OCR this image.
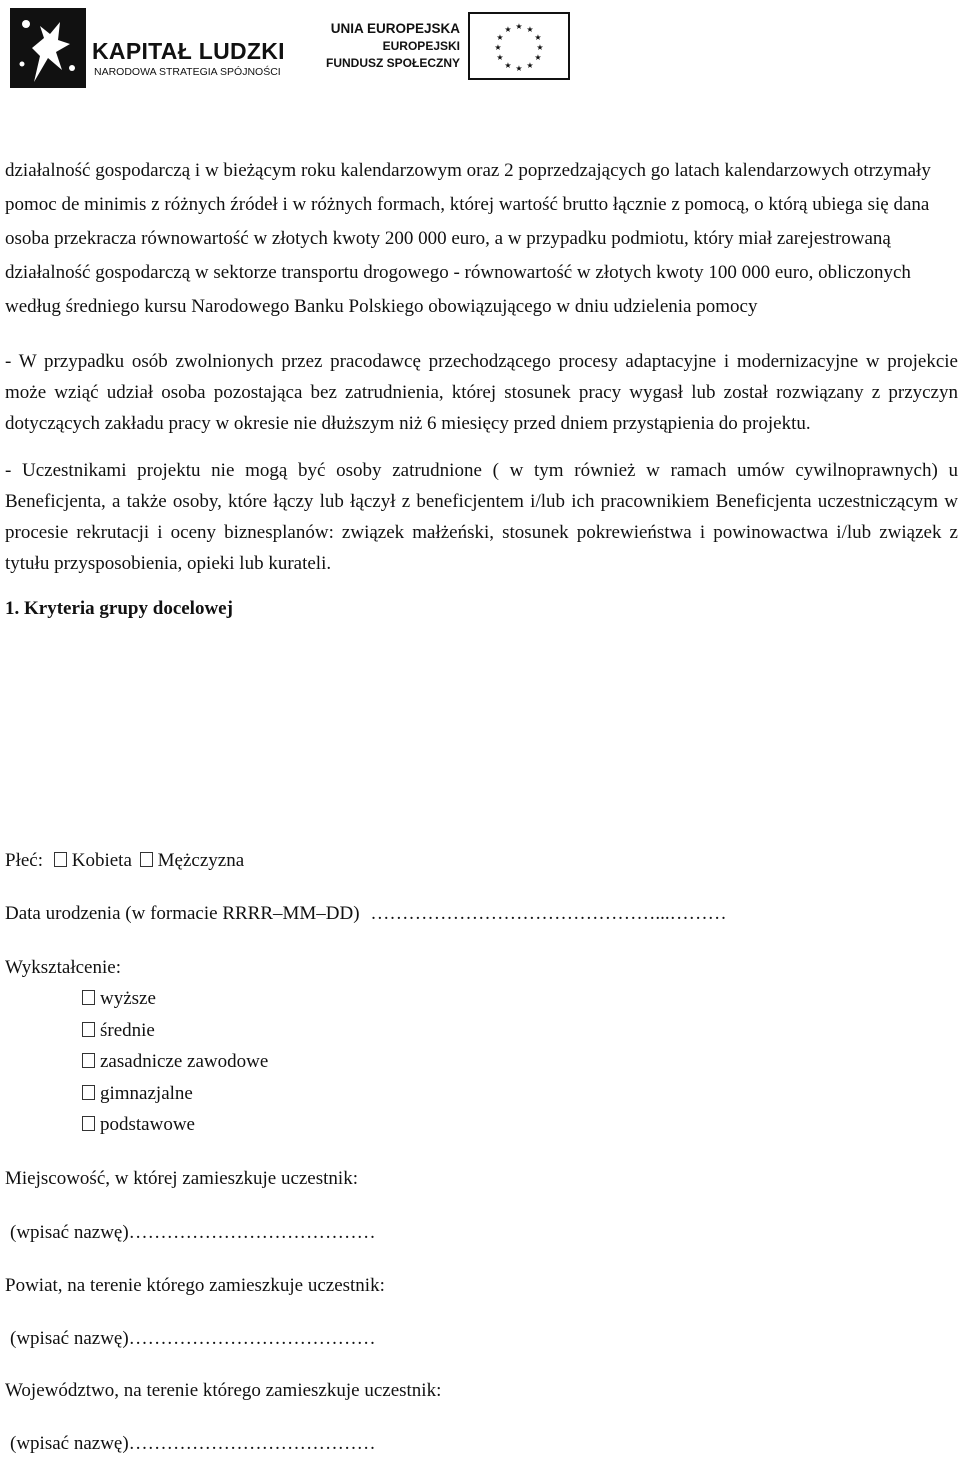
KAPITAŁ LUDZKI
NARODOWA STRATEGIA SPÓJNOŚCI
UNIA EUROPEJSKA
EUROPEJSKI
FUNDUSZ SPOŁECZNY
★ ★
★
★
★
★
★
★
★
★
★
★

działalność gospodarczą i w bieżącym roku kalendarzowym oraz 2 poprzedzających go latach kalendarzowych otrzymały pomoc de minimis z różnych źródeł i w różnych formach, której wartość brutto łącznie z pomocą, o którą ubiega się dana osoba przekracza równowartość w złotych kwoty 200 000 euro, a w przypadku podmiotu, który miał zarejestrowaną działalność gospodarczą w sektorze transportu drogowego - równowartość w złotych kwoty 100 000 euro, obliczonych według średniego kursu Narodowego Banku Polskiego obowiązującego w dniu udzielenia pomocy

- W przypadku osób zwolnionych przez pracodawcę przechodzącego procesy adaptacyjne i modernizacyjne w projekcie może wziąć udział osoba pozostająca bez zatrudnienia, której stosunek pracy wygasł lub został rozwiązany z przyczyn dotyczących zakładu pracy w okresie nie dłuższym niż 6 miesięcy przed dniem przystąpienia do projektu.

- Uczestnikami projektu nie mogą być osoby zatrudnione ( w tym również w ramach umów cywilnoprawnych) u Beneficjenta, a także osoby, które łączy lub łączył z beneficjentem i/lub ich pracownikiem Beneficjenta uczestniczącym w procesie rekrutacji i oceny biznesplanów: związek małżeński, stosunek pokrewieństwa i powinowactwa i/lub związek z tytułu przysposobienia, opieki lub kurateli.

1. Kryteria grupy docelowej

Płeć: Kobieta Mężczyzna
Data urodzenia (w formacie RRRR–MM–DD) ………………………………………...………
Wykształcenie:
wyższe
średnie
zasadnicze zawodowe
gimnazjalne
podstawowe
Miejscowość, w której zamieszkuje uczestnik:
(wpisać nazwę)…………………………………
Powiat, na terenie którego zamieszkuje uczestnik:
(wpisać nazwę)…………………………………
Województwo, na terenie którego zamieszkuje uczestnik:
(wpisać nazwę)…………………………………
